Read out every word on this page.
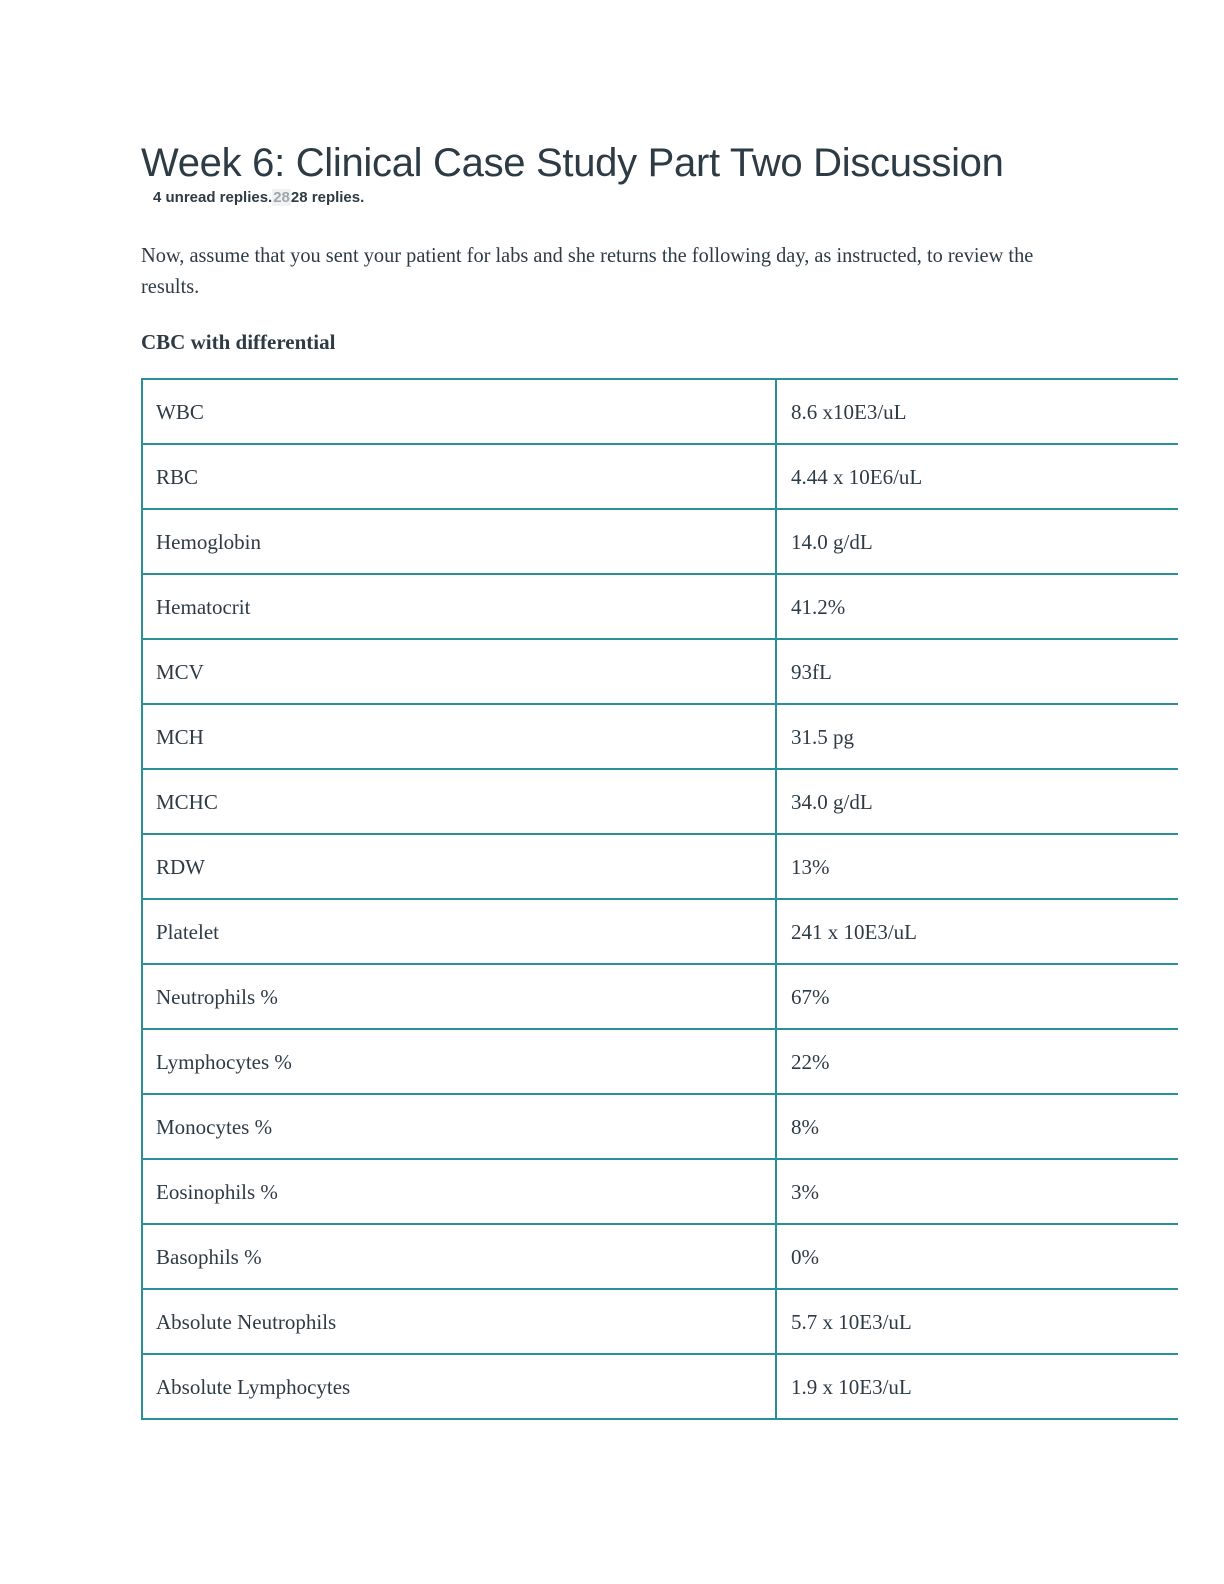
Week 6: Clinical Case Study Part Two Discussion
4 unread replies.2828 replies.

Now, assume that you sent your patient for labs and she returns the following day, as instructed, to review the results.

CBC with differential
WBC	8.6 x10E3/uL
RBC	4.44 x 10E6/uL
Hemoglobin	14.0 g/dL
Hematocrit	41.2%
MCV	93fL
MCH	31.5 pg
MCHC	34.0 g/dL
RDW	13%
Platelet	241 x 10E3/uL
Neutrophils %	67%
Lymphocytes %	22%
Monocytes %	8%
Eosinophils %	3%
Basophils %	0%
Absolute Neutrophils	5.7 x 10E3/uL
Absolute Lymphocytes	1.9 x 10E3/uL
